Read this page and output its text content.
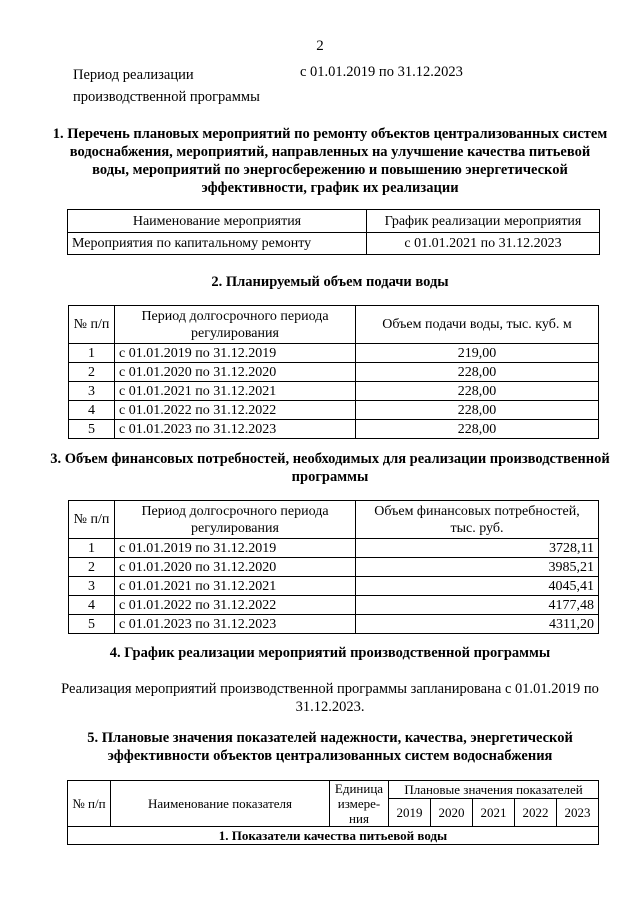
2
Период реализации производственной программы
с 01.01.2019 по 31.12.2023
1. Перечень плановых мероприятий по ремонту объектов централизованных систем водоснабжения, мероприятий, направленных на улучшение качества питьевой воды, мероприятий по энергосбережению и повышению энергетической эффективности, график их реализации
Наименование мероприятия	График реализации мероприятия
Мероприятия по капитальному ремонту	с 01.01.2021 по 31.12.2023
2. Планируемый объем подачи воды
№ п/п	Период долгосрочного периода регулирования	Объем подачи воды, тыс. куб. м
1	с 01.01.2019 по 31.12.2019	219,00
2	с 01.01.2020 по 31.12.2020	228,00
3	с 01.01.2021 по 31.12.2021	228,00
4	с 01.01.2022 по 31.12.2022	228,00
5	с 01.01.2023 по 31.12.2023	228,00
3. Объем финансовых потребностей, необходимых для реализации производственной программы
№ п/п	Период долгосрочного периода регулирования	Объем финансовых потребностей, тыс. руб.
1	с 01.01.2019 по 31.12.2019	3728,11
2	с 01.01.2020 по 31.12.2020	3985,21
3	с 01.01.2021 по 31.12.2021	4045,41
4	с 01.01.2022 по 31.12.2022	4177,48
5	с 01.01.2023 по 31.12.2023	4311,20
4. График реализации мероприятий производственной программы
Реализация мероприятий производственной программы запланирована с 01.01.2019 по 31.12.2023.
5. Плановые значения показателей надежности, качества, энергетической эффективности объектов централизованных систем водоснабжения
№ п/п	Наименование показателя	Единица измере-ния	Плановые значения показателей				
			2019	2020	2021	2022	2023
1. Показатели качества питьевой воды							
